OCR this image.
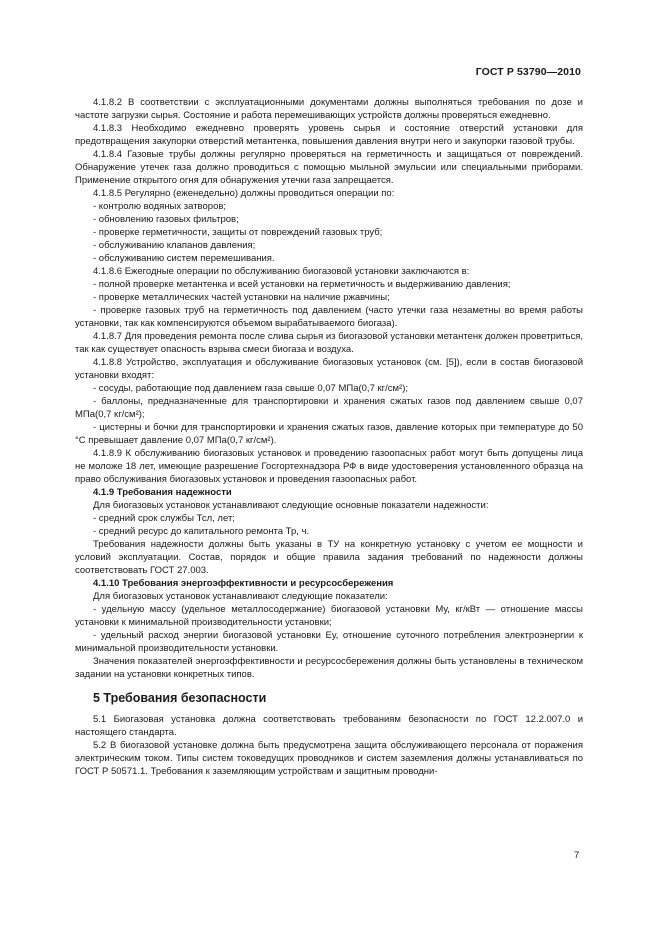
ГОСТ Р 53790—2010

4.1.8.2 В соответствии с эксплуатационными документами должны выполняться требования по дозе и частоте загрузки сырья. Состояние и работа перемешивающих устройств должны проверяться ежедневно.

4.1.8.3 Необходимо ежедневно проверять уровень сырья и состояние отверстий установки для предотвращения закупорки отверстий метантенка, повышения давления внутри него и закупорки газовой трубы.

4.1.8.4 Газовые трубы должны регулярно проверяться на герметичность и защищаться от повреждений. Обнаружение утечек газа должно проводиться с помощью мыльной эмульсии или специальными приборами. Применение открытого огня для обнаружения утечки газа запрещается.

4.1.8.5 Регулярно (еженедельно) должны проводиться операции по:

- контролю водяных затворов;

- обновлению газовых фильтров;

- проверке герметичности, защиты от повреждений газовых труб;

- обслуживанию клапанов давления;

- обслуживанию систем перемешивания.

4.1.8.6 Ежегодные операции по обслуживанию биогазовой установки заключаются в:

- полной проверке метантенка и всей установки на герметичность и выдерживанию давления;

- проверке металлических частей установки на наличие ржавчины;

- проверке газовых труб на герметичность под давлением (часто утечки газа незаметны во время работы установки, так как компенсируются объемом вырабатываемого биогаза).

4.1.8.7 Для проведения ремонта после слива сырья из биогазовой установки метантенк должен проветриться, так как существует опасность взрыва смеси биогаза и воздуха.

4.1.8.8 Устройство, эксплуатация и обслуживание биогазовых установок (см. [5]), если в состав биогазовой установки входят:

- сосуды, работающие под давлением газа свыше 0,07 МПа(0,7 кг/см²);

- баллоны, предназначенные для транспортировки и хранения сжатых газов под давлением свыше 0,07 МПа(0,7 кг/см²);

- цистерны и бочки для транспортировки и хранения сжатых газов, давление которых при температуре до 50 °С превышает давление 0,07 МПа(0,7 кг/см²).

4.1.8.9 К обслуживанию биогазовых установок и проведению газоопасных работ могут быть допущены лица не моложе 18 лет, имеющие разрешение Госгортехнадзора РФ в виде удостоверения установленного образца на право обслуживания биогазовых установок и проведения газоопасных работ.

4.1.9 Требования надежности

Для биогазовых установок устанавливают следующие основные показатели надежности:

- средний срок службы Тсл, лет;

- средний ресурс до капитального ремонта Тр, ч.

Требования надежности должны быть указаны в ТУ на конкретную установку с учетом ее мощности и условий эксплуатации. Состав, порядок и общие правила задания требований по надежности должны соответствовать ГОСТ 27.003.

4.1.10 Требования энергоэффективности и ресурсосбережения

Для биогазовых установок устанавливают следующие показатели:

- удельную массу (удельное металлосодержание) биогазовой установки Му, кг/кВт — отношение массы установки к минимальной производительности установки;

- удельный расход энергии биогазовой установки Еу, отношение суточного потребления электроэнергии к минимальной производительности установки.

Значения показателей энергоэффективности и ресурсосбережения должны быть установлены в техническом задании на установки конкретных типов.

5 Требования безопасности

5.1 Биогазовая установка должна соответствовать требованиям безопасности по ГОСТ 12.2.007.0 и настоящего стандарта.

5.2 В биогазовой установке должна быть предусмотрена защита обслуживающего персонала от поражения электрическим током. Типы систем токоведущих проводников и систем заземления должны устанавливаться по ГОСТ Р 50571.1. Требования к заземляющим устройствам и защитным проводни-

7
